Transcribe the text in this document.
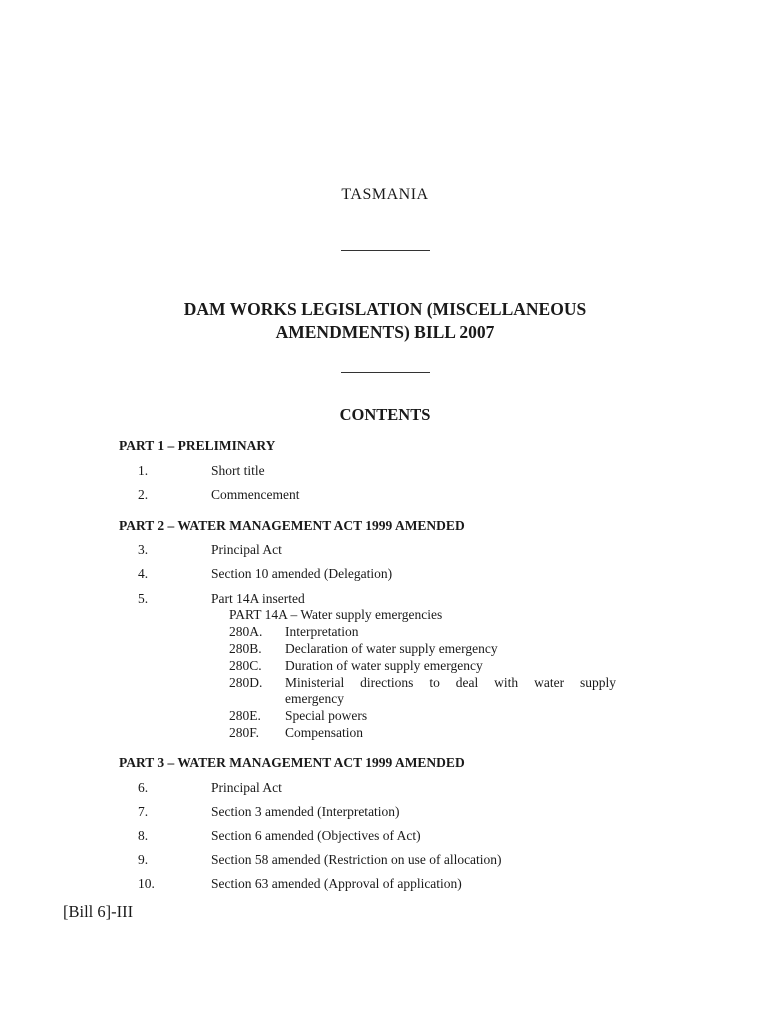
TASMANIA
DAM WORKS LEGISLATION (MISCELLANEOUS
AMENDMENTS) BILL 2007
CONTENTS
PART 1 – PRELIMINARY
1.	Short title
2.	Commencement
PART 2 – WATER MANAGEMENT ACT 1999 AMENDED
3.	Principal Act
4.	Section 10 amended (Delegation)
5.	Part 14A inserted
PART 14A – Water supply emergencies
280A. Interpretation
280B. Declaration of water supply emergency
280C. Duration of water supply emergency
280D. Ministerial directions to deal with water supply
emergency
280E. Special powers
280F. Compensation
PART 3 – WATER MANAGEMENT ACT 1999 AMENDED
6.	Principal Act
7.	Section 3 amended (Interpretation)
8.	Section 6 amended (Objectives of Act)
9.	Section 58 amended (Restriction on use of allocation)
10.	Section 63 amended (Approval of application)
[Bill 6]-III
